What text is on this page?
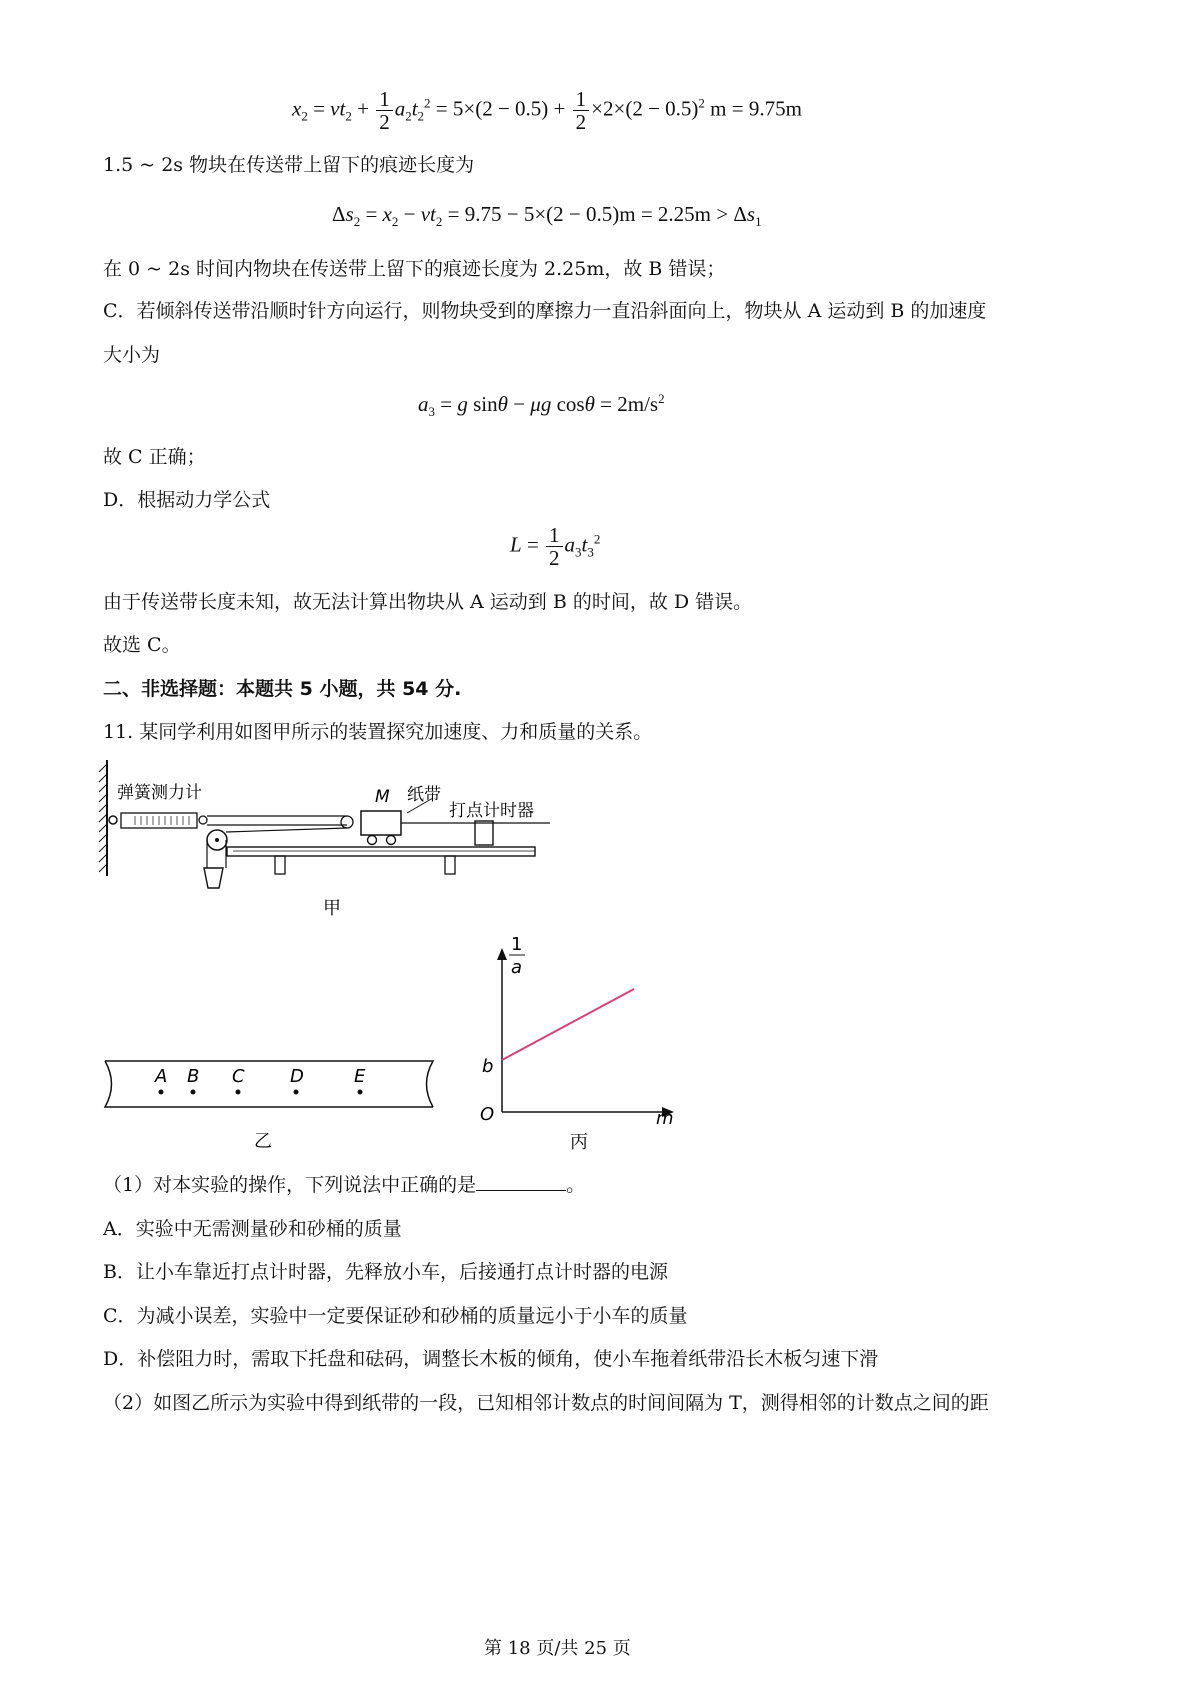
$x_2 = vt_2 + \frac{1}{2} a_2t_2^2 = 5\times(2 - 0.5) + \frac{1}{2} \times 2\times(2 - 0.5)^2$ m = 9.75m
1.5 ~ 2s 物块在传送带上留下的痕迹长度为
$\Delta s_2 = x_2 - vt_2 = 9.75 - 5\times(2 - 0.5)m = 2.25m > \Delta s_1$
在 0 ~ 2s 时间内物块在传送带上留下的痕迹长度为 2.25m，故 B 错误；
C．若倾斜传送带沿顺时针方向运行，则物块受到的摩擦力一直沿斜面向上，物块从 A 运动到 B 的加速度
大小为
$a_3 = g$ sinθ − μg $\cos\theta = 2m/s^2$
故 C 正确；
D．根据动力学公式
$L = \frac{1}{2} a_3t_3^2$
由于传送带长度未知，故无法计算出物块从 A 运动到 B 的时间，故 D 错误。
故选 C。
二、非选择题：本题共 5 小题，共 54 分.
11. 某同学利用如图甲所示的装置探究加速度、力和质量的关系。
弹簧测力计	M 纸带
打点计时器
甲
A B C	D	E
乙
1
a
b
O	m
丙
（1）对本实验的操作，下列说法中正确的是	。
A．实验中无需测量砂和砂桶的质量
B．让小车靠近打点计时器，先释放小车，后接通打点计时器的电源
C．为减小误差，实验中一定要保证砂和砂桶的质量远小于小车的质量
D．补偿阻力时，需取下托盘和砝码，调整长木板的倾角，使小车拖着纸带沿长木板匀速下滑
（2）如图乙所示为实验中得到纸带的一段，已知相邻计数点的时间间隔为 T，测得相邻的计数点之间的距
第 18 页/共 25 页
